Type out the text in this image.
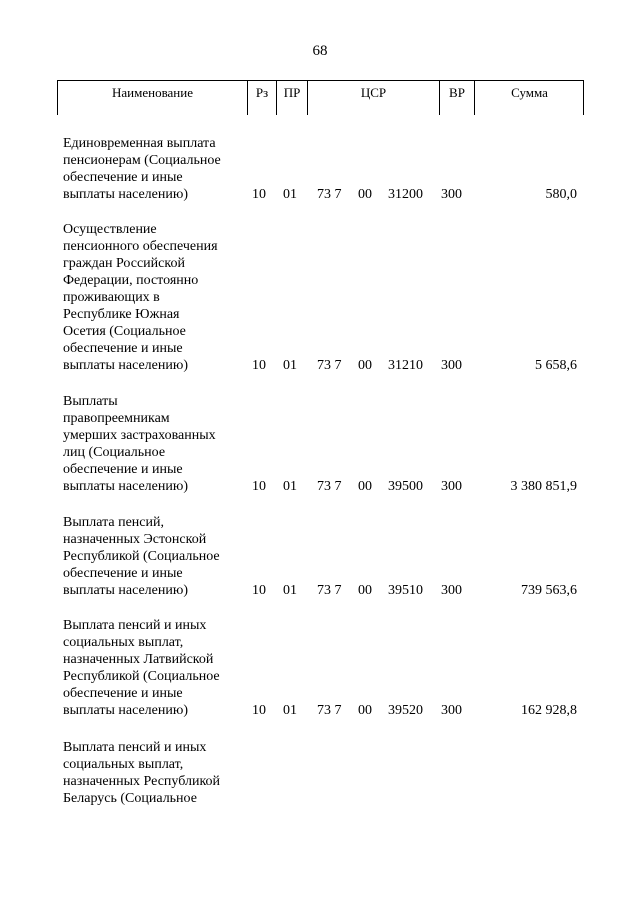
68
Наименование	Рз	ПР	ЦСР	ВР	Сумма
Единовременная выплата
пенсионерам (Социальное
обеспечение и иные
выплаты населению)	10 01 73 7 00 31200 300	580,0
Осуществление
пенсионного обеспечения
граждан Российской
Федерации, постоянно
проживающих в
Республике Южная
Осетия (Социальное
обеспечение и иные
выплаты населению)	10 01 73 7 00 31210 300	5 658,6
Выплаты
правопреемникам
умерших застрахованных
лиц (Социальное
обеспечение и иные
выплаты населению)	10 01 73 7 00 39500 300	3 380 851,9
Выплата пенсий,
назначенных Эстонской
Республикой (Социальное
обеспечение и иные
выплаты населению)	10 01 73 7 00 39510 300	739 563,6
Выплата пенсий и иных
социальных выплат,
назначенных Латвийской
Республикой (Социальное
обеспечение и иные
выплаты населению)	10 01 73 7 00 39520 300	162 928,8
Выплата пенсий и иных
социальных выплат,
назначенных Республикой
Беларусь (Социальное
